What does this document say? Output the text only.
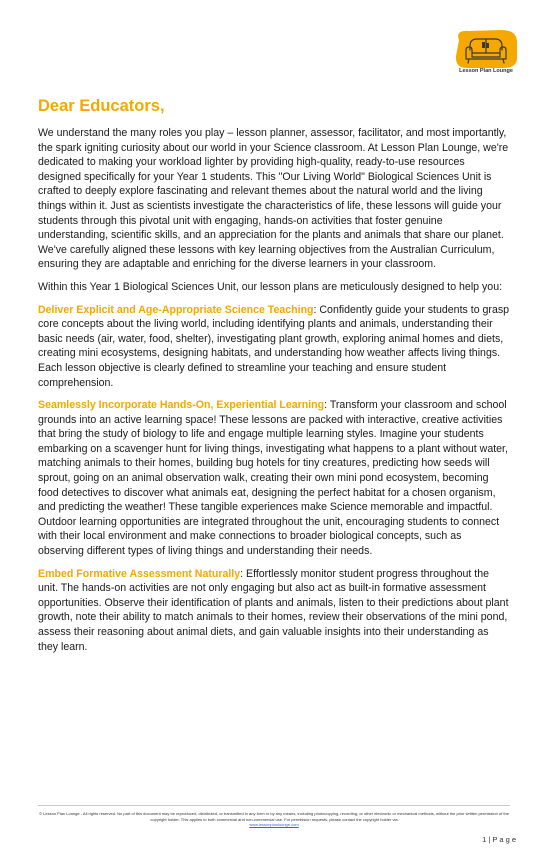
Lesson Plan Lounge
Dear Educators,

We understand the many roles you play – lesson planner, assessor, facilitator, and most importantly, the spark igniting curiosity about our world in your Science classroom. At Lesson Plan Lounge, we're dedicated to making your workload lighter by providing high-quality, ready-to-use resources designed specifically for your Year 1 students. This "Our Living World" Biological Sciences Unit is crafted to deeply explore fascinating and relevant themes about the natural world and the living things within it. Just as scientists investigate the characteristics of life, these lessons will guide your students through this pivotal unit with engaging, hands-on activities that foster genuine understanding, scientific skills, and an appreciation for the plants and animals that share our planet. We've carefully aligned these lessons with key learning objectives from the Australian Curriculum, ensuring they are adaptable and enriching for the diverse learners in your classroom.

Within this Year 1 Biological Sciences Unit, our lesson plans are meticulously designed to help you:

Deliver Explicit and Age-Appropriate Science Teaching: Confidently guide your students to grasp core concepts about the living world, including identifying plants and animals, understanding their basic needs (air, water, food, shelter), investigating plant growth, exploring animal homes and diets, creating mini ecosystems, designing habitats, and understanding how weather affects living things. Each lesson objective is clearly defined to streamline your teaching and ensure student comprehension.

Seamlessly Incorporate Hands-On, Experiential Learning: Transform your classroom and school grounds into an active learning space! These lessons are packed with interactive, creative activities that bring the study of biology to life and engage multiple learning styles. Imagine your students embarking on a scavenger hunt for living things, investigating what happens to a plant without water, matching animals to their homes, building bug hotels for tiny creatures, predicting how seeds will sprout, going on an animal observation walk, creating their own mini pond ecosystem, becoming food detectives to discover what animals eat, designing the perfect habitat for a chosen organism, and predicting the weather! These tangible experiences make Science memorable and impactful. Outdoor learning opportunities are integrated throughout the unit, encouraging students to connect with their local environment and make connections to broader biological concepts, such as observing different types of living things and understanding their needs.

Embed Formative Assessment Naturally: Effortlessly monitor student progress throughout the unit. The hands-on activities are not only engaging but also act as built-in formative assessment opportunities. Observe their identification of plants and animals, listen to their predictions about plant growth, note their ability to match animals to their homes, review their observations of the mini pond, assess their reasoning about animal diets, and gain valuable insights into their understanding as they learn.

© Lesson Plan Lounge - All rights reserved. No part of this document may be reproduced, distributed, or transmitted in any form or by any means, including photocopying, recording, or other electronic or mechanical methods, without the prior written permission of the copyright holder. This applies to both commercial and non-commercial use. For permission requests, please contact the copyright holder via
www.lessonplanlounge.com
1 | P a g e
